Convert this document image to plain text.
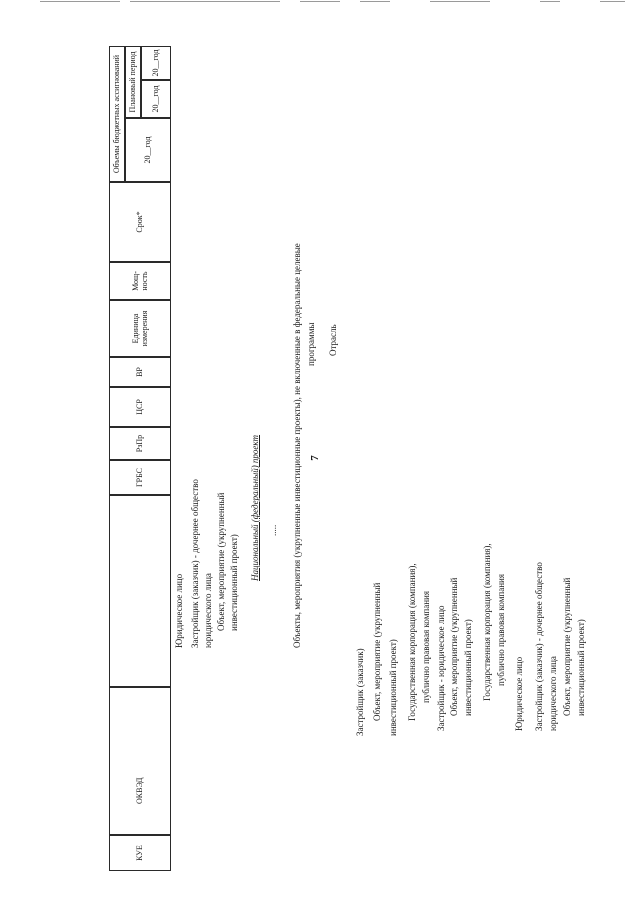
7
КУЕ
ОКВЭД
ГРБС
РзПр
ЦСР
ВР
Единица измерения
Мощ-ность
Срок*
Объемы бюджетных ассигнований	20__год
Плановый период	20__год
20__год
Юридическое лицо Застройщик (заказчик) - дочернее общество юридического лица Объект, мероприятие (укрупненный инвестиционный проект)
Национальный (федеральный) проект ..... Объекты, мероприятия (укрупненные инвестиционные проекты), не включенные в федеральные целевые программы Отрасль
Застройщик (заказчик) Объект, мероприятие (укрупненный инвестиционный проект) Государственная корпорация (компания), публично правовая компания Застройщик - юридическое лицо Объект, мероприятие (укрупненный инвестиционный проект) Государственная корпорация (компания), публично правовая компания
Юридическое лицо Застройщик (заказчик) - дочернее общество юридического лица Объект, мероприятие (укрупненный инвестиционный проект)
